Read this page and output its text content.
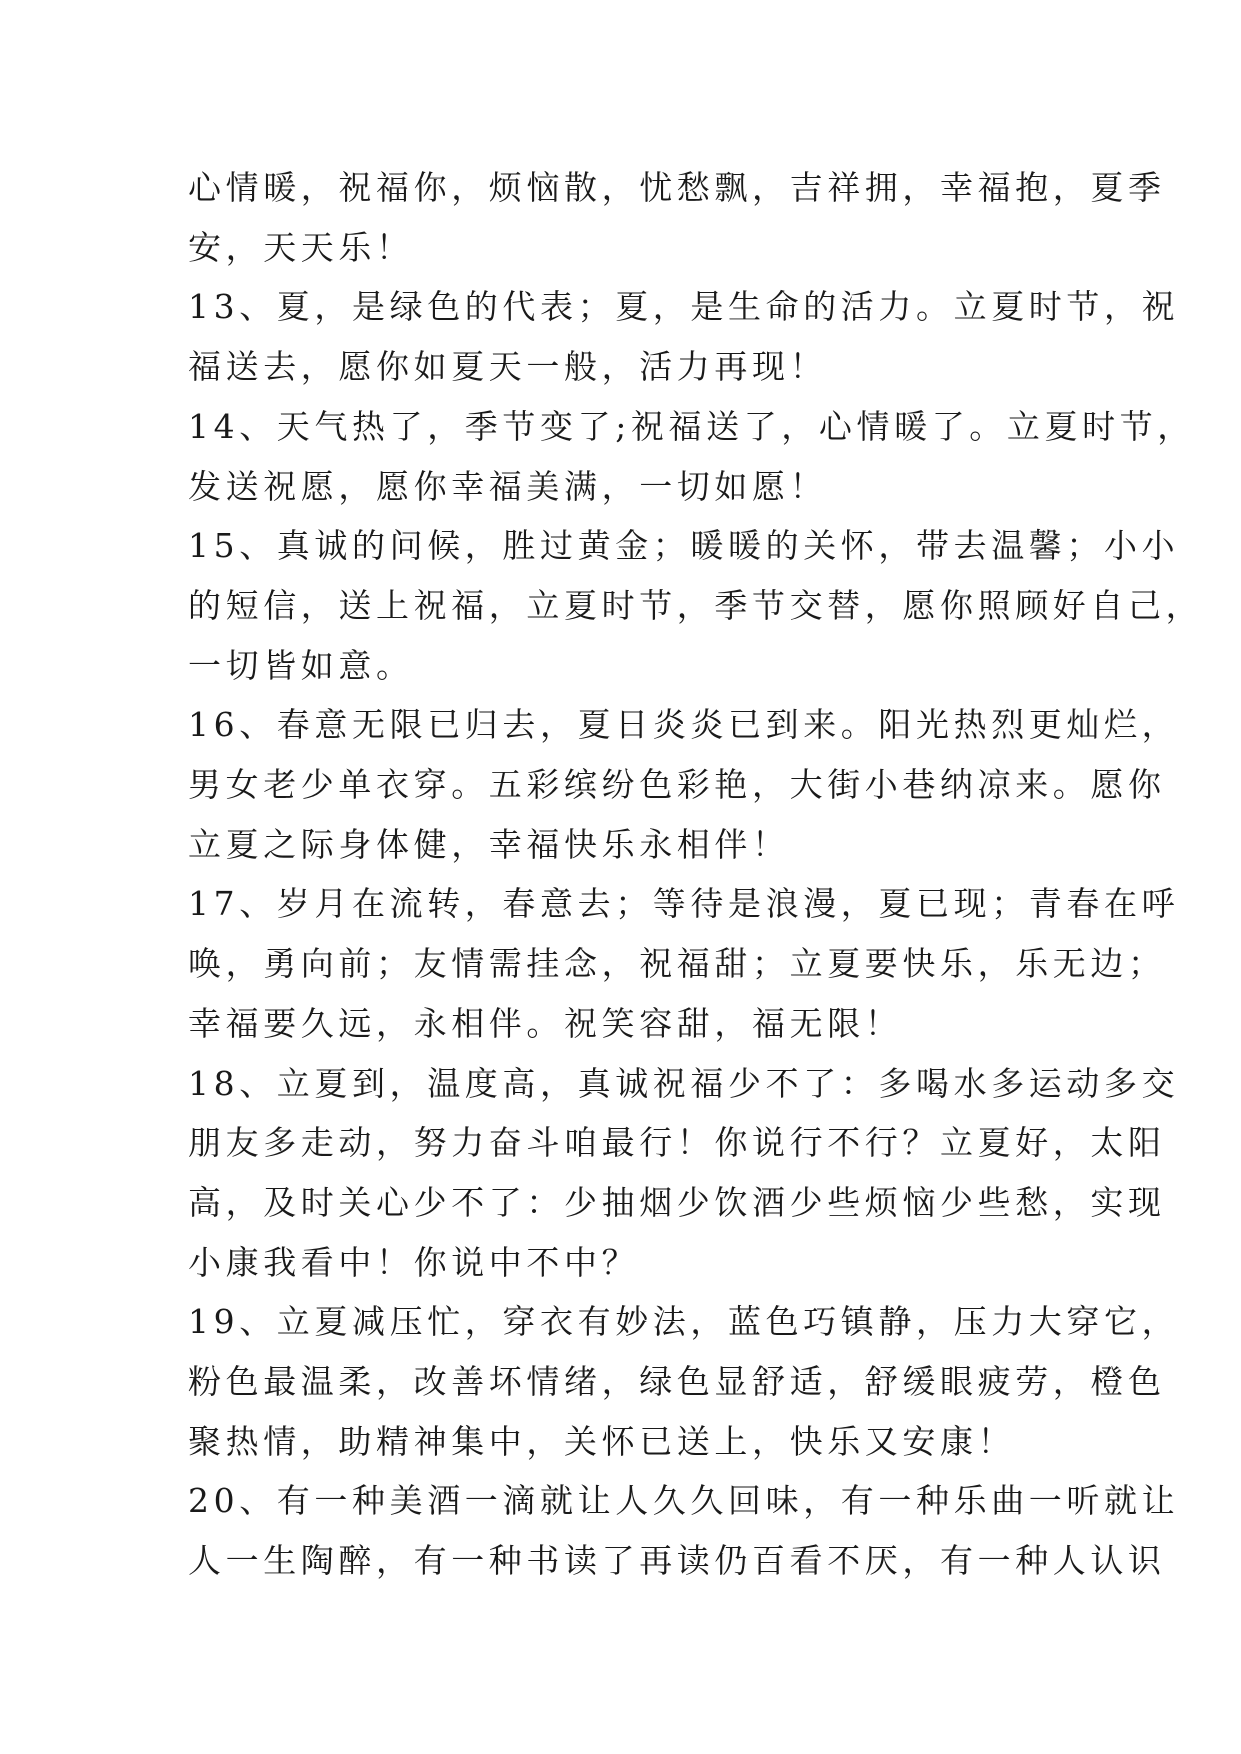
心情暖，祝福你，烦恼散，忧愁飘，吉祥拥，幸福抱，夏季
安，天天乐！

13、夏，是绿色的代表；夏，是生命的活力。立夏时节，祝
福送去，愿你如夏天一般，活力再现！

14、天气热了，季节变了;祝福送了，心情暖了。立夏时节，
发送祝愿，愿你幸福美满，一切如愿！

15、真诚的问候，胜过黄金；暖暖的关怀，带去温馨；小小
的短信，送上祝福，立夏时节，季节交替，愿你照顾好自己，
一切皆如意。

16、春意无限已归去，夏日炎炎已到来。阳光热烈更灿烂，
男女老少单衣穿。五彩缤纷色彩艳，大街小巷纳凉来。愿你
立夏之际身体健，幸福快乐永相伴！

17、岁月在流转，春意去；等待是浪漫，夏已现；青春在呼
唤，勇向前；友情需挂念，祝福甜；立夏要快乐，乐无边；
幸福要久远，永相伴。祝笑容甜，福无限！

18、立夏到，温度高，真诚祝福少不了：多喝水多运动多交
朋友多走动，努力奋斗咱最行！你说行不行？立夏好，太阳
高，及时关心少不了：少抽烟少饮酒少些烦恼少些愁，实现
小康我看中！你说中不中？

19、立夏减压忙，穿衣有妙法，蓝色巧镇静，压力大穿它，
粉色最温柔，改善坏情绪，绿色显舒适，舒缓眼疲劳，橙色
聚热情，助精神集中，关怀已送上，快乐又安康！

20、有一种美酒一滴就让人久久回味，有一种乐曲一听就让
人一生陶醉，有一种书读了再读仍百看不厌，有一种人认识
